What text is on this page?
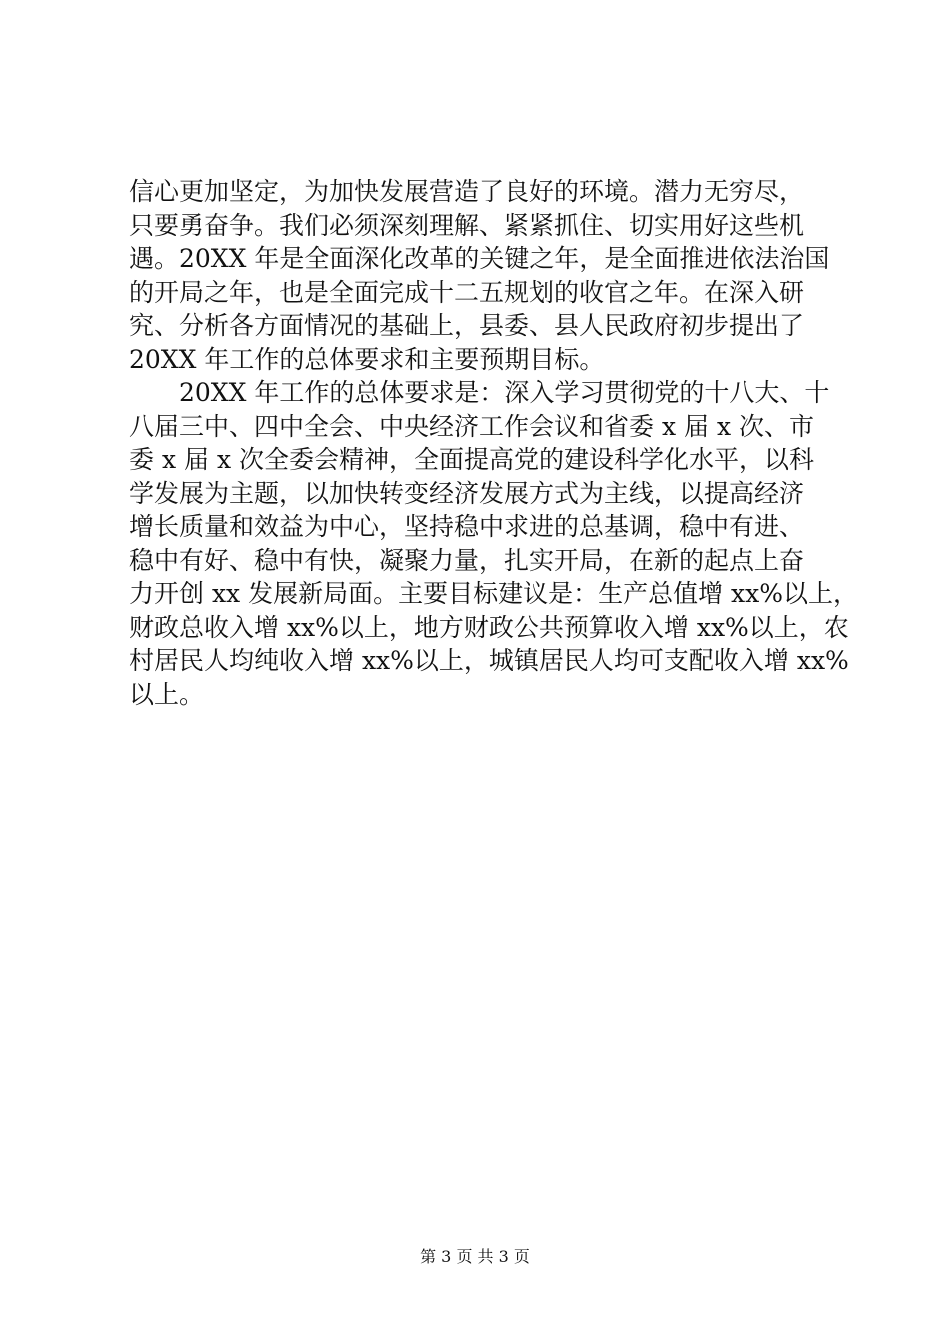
信心更加坚定，为加快发展营造了良好的环境。潜力无穷尽，
只要勇奋争。我们必须深刻理解、紧紧抓住、切实用好这些机
遇。20XX 年是全面深化改革的关键之年，是全面推进依法治国
的开局之年，也是全面完成十二五规划的收官之年。在深入研
究、分析各方面情况的基础上，县委、县人民政府初步提出了
20XX 年工作的总体要求和主要预期目标。
　　20XX 年工作的总体要求是：深入学习贯彻党的十八大、十
八届三中、四中全会、中央经济工作会议和省委 x 届 x 次、市
委 x 届 x 次全委会精神，全面提高党的建设科学化水平，以科
学发展为主题，以加快转变经济发展方式为主线，以提高经济
增长质量和效益为中心，坚持稳中求进的总基调，稳中有进、
稳中有好、稳中有快，凝聚力量，扎实开局，在新的起点上奋
力开创 xx 发展新局面。主要目标建议是：生产总值增 xx%以上，
财政总收入增 xx%以上，地方财政公共预算收入增 xx%以上，农
村居民人均纯收入增 xx%以上，城镇居民人均可支配收入增 xx%
以上。
第 3 页 共 3 页
